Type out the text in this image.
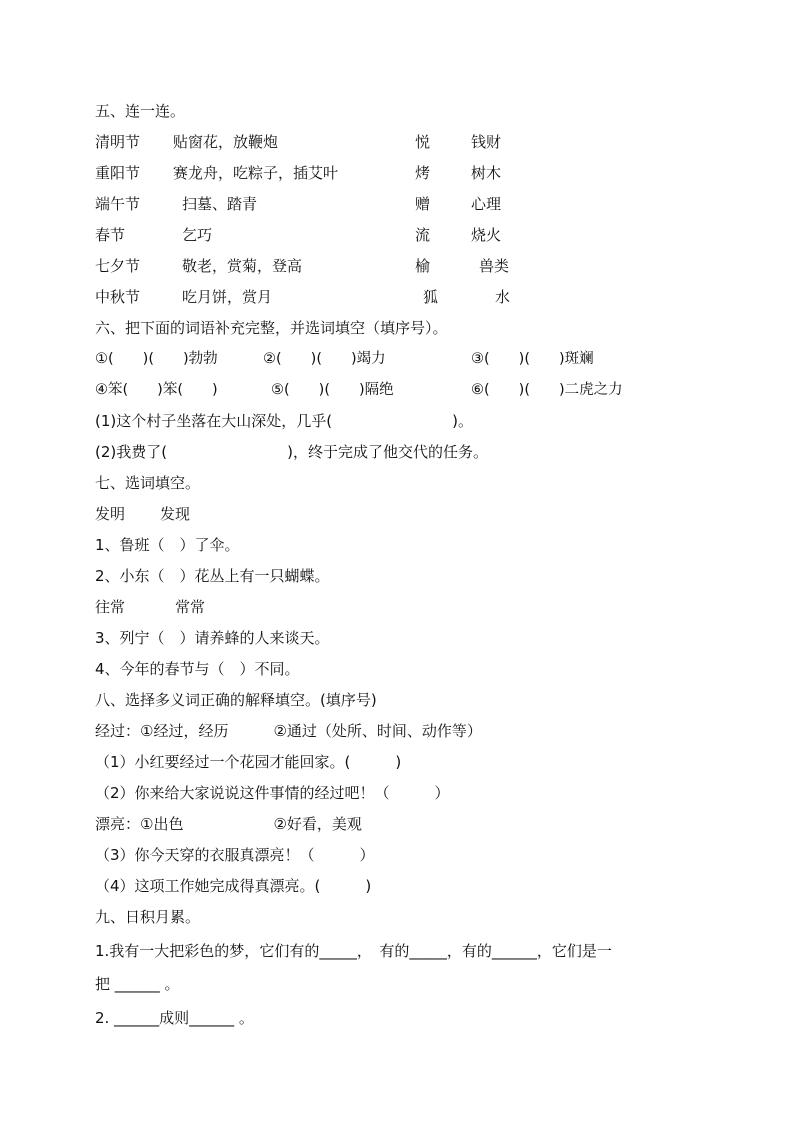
五、连一连。
清明节 贴窗花，放鞭炮	悦	钱财
重阳节 赛龙舟，吃粽子，插艾叶	烤	树木
端午节	扫墓、踏青	赠	心理
春节	乞巧	流	烧火
七夕节	敬老，赏菊，登高	榆	兽类
中秋节	吃月饼，赏月	狐	水
六、把下面的词语补充完整，并选词填空（填序号）。
①(　　)(　　)勃勃	②(　　)(　　)竭力	③(　　)(　　)斑斓
④笨(　　)笨(　　)	⑤(　　)(　　)隔绝	⑥(　　)(　　)二虎之力
(1)这个村子坐落在大山深处，几乎(　　　　　　　　)。
(2)我费了(　　　　　　　　)，终于完成了他交代的任务。
七、选词填空。
发明 发现
1、鲁班（　）了伞。
2、小东（　）花丛上有一只蝴蝶。
往常	常常
3、列宁（　）请养蜂的人来谈天。
4、今年的春节与（　）不同。
八、选择多义词正确的解释填空。(填序号)
经过：①经过，经历　　　②通过（处所、时间、动作等）
（1）小红要经过一个花园才能回家。(　　　)
（2）你来给大家说说这件事情的经过吧！（　　　）
漂亮：①出色　　　　　　②好看，美观
（3）你今天穿的衣服真漂亮！（　　　）
（4）这项工作她完成得真漂亮。(　　　)
九、日积月累。
1.我有一大把彩色的梦，它们有的_____，　有的_____，有的______，它们是一
把 ______ 。
2. ______成则______ 。
